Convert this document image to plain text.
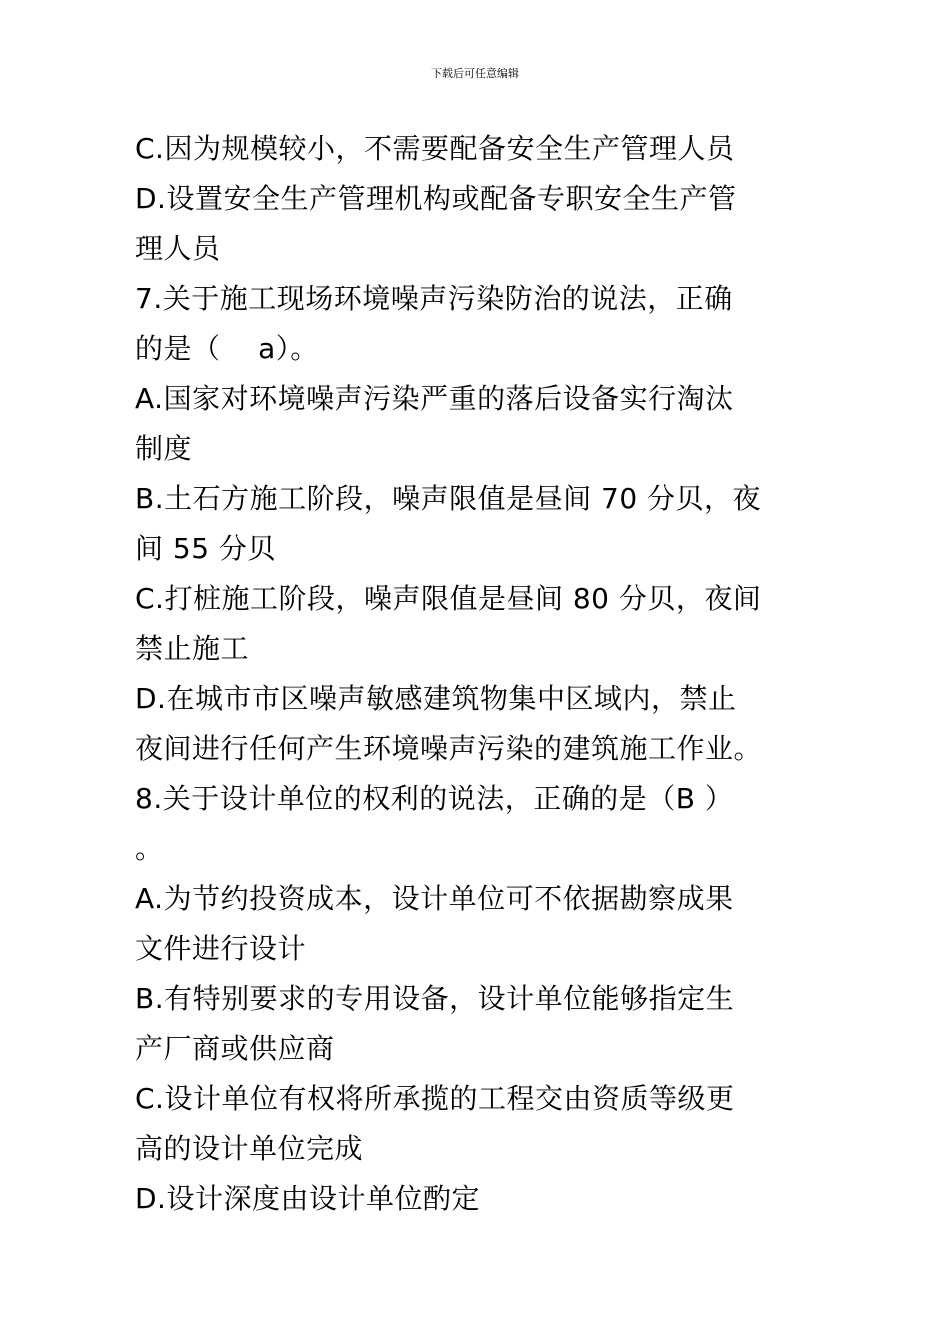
下载后可任意编辑
C.因为规模较小，不需要配备安全生产管理人员
D.设置安全生产管理机构或配备专职安全生产管
理人员
7.关于施工现场环境噪声污染防治的说法，正确
的是（    a）。
A.国家对环境噪声污染严重的落后设备实行淘汰
制度
B.土石方施工阶段，噪声限值是昼间 70 分贝，夜
间 55 分贝
C.打桩施工阶段，噪声限值是昼间 80 分贝，夜间
禁止施工
D.在城市市区噪声敏感建筑物集中区域内，禁止
夜间进行任何产生环境噪声污染的建筑施工作业。
8.关于设计单位的权利的说法，正确的是（B ）
。
A.为节约投资成本，设计单位可不依据勘察成果
文件进行设计
B.有特别要求的专用设备，设计单位能够指定生
产厂商或供应商
C.设计单位有权将所承揽的工程交由资质等级更
高的设计单位完成
D.设计深度由设计单位酌定
